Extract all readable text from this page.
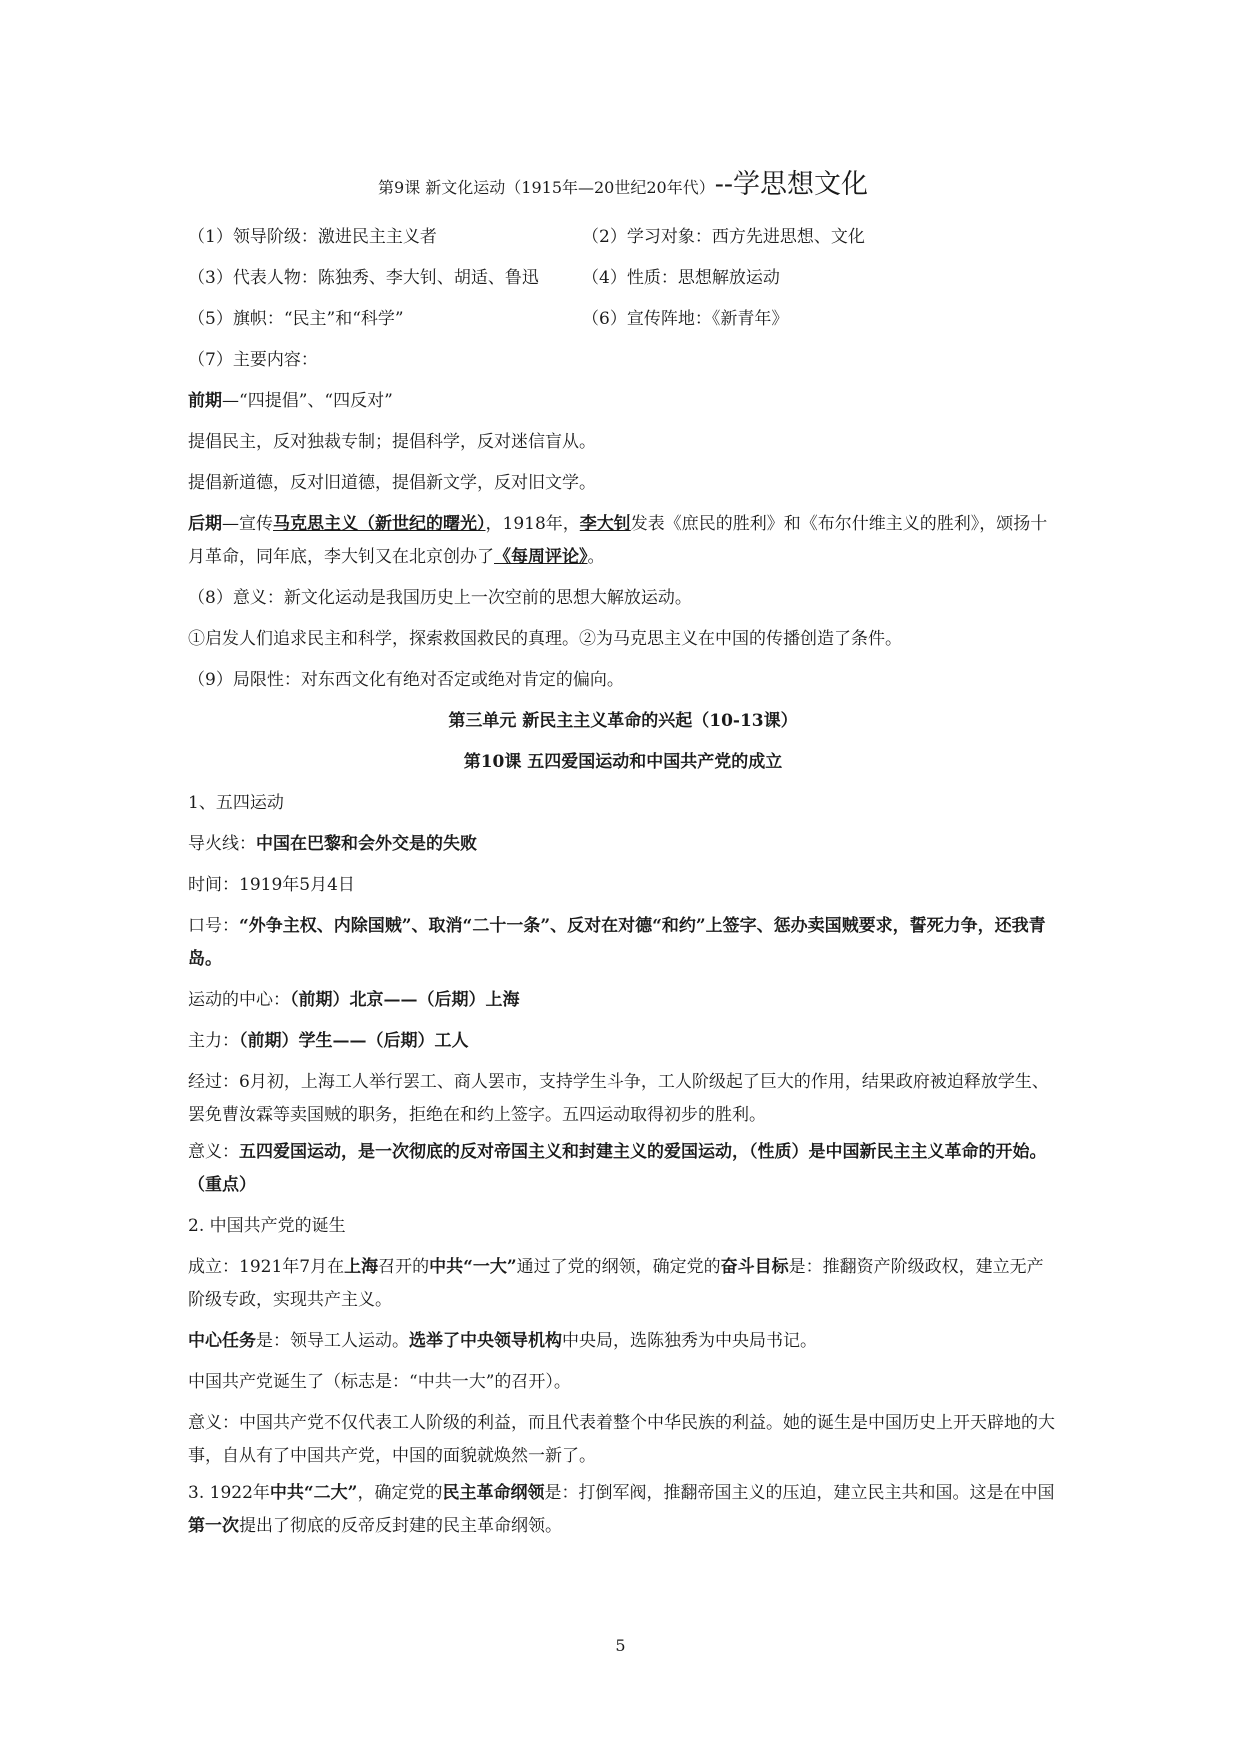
第9课 新文化运动（1915年—20世纪20年代）--学思想文化
（1）领导阶级：激进民主主义者	（2）学习对象：西方先进思想、文化
（3）代表人物：陈独秀、李大钊、胡适、鲁迅	（4）性质：思想解放运动
（5）旗帜：“民主”和“科学”	（6）宣传阵地：《新青年》

（7）主要内容：

前期—“四提倡”、“四反对”

提倡民主，反对独裁专制；提倡科学，反对迷信盲从。

提倡新道德，反对旧道德，提倡新文学，反对旧文学。

后期—宣传马克思主义（新世纪的曙光），1918年，李大钊发表《庶民的胜利》和《布尔什维主义的胜利》，颂扬十月革命，同年底，李大钊又在北京创办了《每周评论》。

（8）意义：新文化运动是我国历史上一次空前的思想大解放运动。

①启发人们追求民主和科学，探索救国救民的真理。②为马克思主义在中国的传播创造了条件。

（9）局限性：对东西文化有绝对否定或绝对肯定的偏向。

第三单元 新民主主义革命的兴起（10-13课）
第10课 五四爱国运动和中国共产党的成立

1、五四运动

导火线：中国在巴黎和会外交是的失败

时间：1919年5月4日

口号：“外争主权、内除国贼”、取消“二十一条”、反对在对德“和约”上签字、惩办卖国贼要求，誓死力争，还我青岛。

运动的中心：（前期）北京——（后期）上海

主力：（前期）学生——（后期）工人

经过：6月初，上海工人举行罢工、商人罢市，支持学生斗争，工人阶级起了巨大的作用，结果政府被迫释放学生、罢免曹汝霖等卖国贼的职务，拒绝在和约上签字。五四运动取得初步的胜利。

意义：五四爱国运动，是一次彻底的反对帝国主义和封建主义的爱国运动，（性质）是中国新民主主义革命的开始。（重点）

2. 中国共产党的诞生

成立：1921年7月在上海召开的中共“一大”通过了党的纲领，确定党的奋斗目标是：推翻资产阶级政权，建立无产阶级专政，实现共产主义。

中心任务是：领导工人运动。选举了中央领导机构中央局，选陈独秀为中央局书记。

中国共产党诞生了（标志是：“中共一大”的召开）。

意义：中国共产党不仅代表工人阶级的利益，而且代表着整个中华民族的利益。她的诞生是中国历史上开天辟地的大事，自从有了中国共产党，中国的面貌就焕然一新了。

3. 1922年中共“二大”，确定党的民主革命纲领是：打倒军阀，推翻帝国主义的压迫，建立民主共和国。这是在中国第一次提出了彻底的反帝反封建的民主革命纲领。

5
